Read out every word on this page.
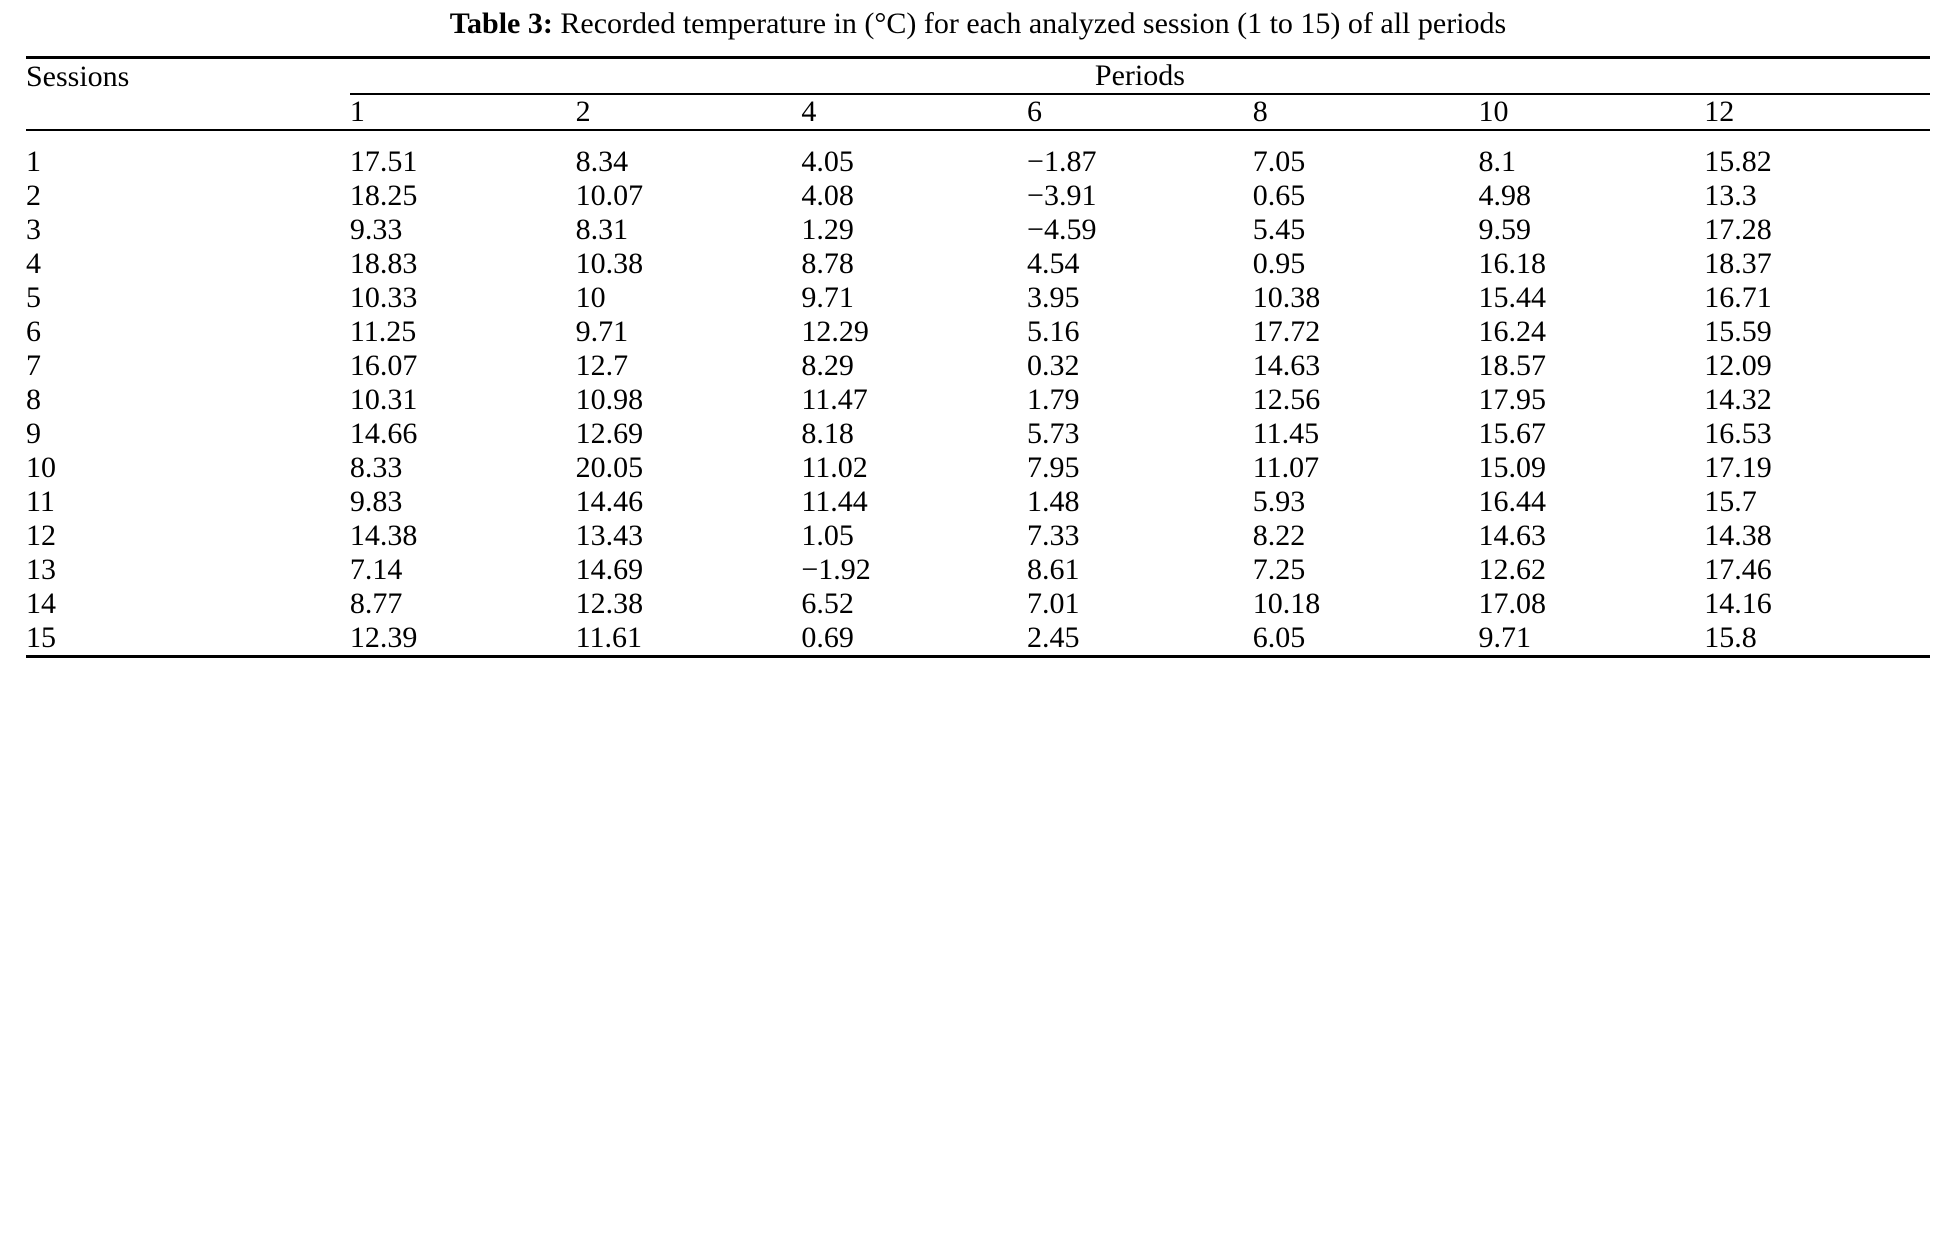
Table 3: Recorded temperature in (°C) for each analyzed session (1 to 15) of all periods
Sessions	Periods						
	1	2	4	6	8	10	12
1	17.51	8.34	4.05	−1.87	7.05	8.1	15.82
2	18.25	10.07	4.08	−3.91	0.65	4.98	13.3
3	9.33	8.31	1.29	−4.59	5.45	9.59	17.28
4	18.83	10.38	8.78	4.54	0.95	16.18	18.37
5	10.33	10	9.71	3.95	10.38	15.44	16.71
6	11.25	9.71	12.29	5.16	17.72	16.24	15.59
7	16.07	12.7	8.29	0.32	14.63	18.57	12.09
8	10.31	10.98	11.47	1.79	12.56	17.95	14.32
9	14.66	12.69	8.18	5.73	11.45	15.67	16.53
10	8.33	20.05	11.02	7.95	11.07	15.09	17.19
11	9.83	14.46	11.44	1.48	5.93	16.44	15.7
12	14.38	13.43	1.05	7.33	8.22	14.63	14.38
13	7.14	14.69	−1.92	8.61	7.25	12.62	17.46
14	8.77	12.38	6.52	7.01	10.18	17.08	14.16
15	12.39	11.61	0.69	2.45	6.05	9.71	15.8
